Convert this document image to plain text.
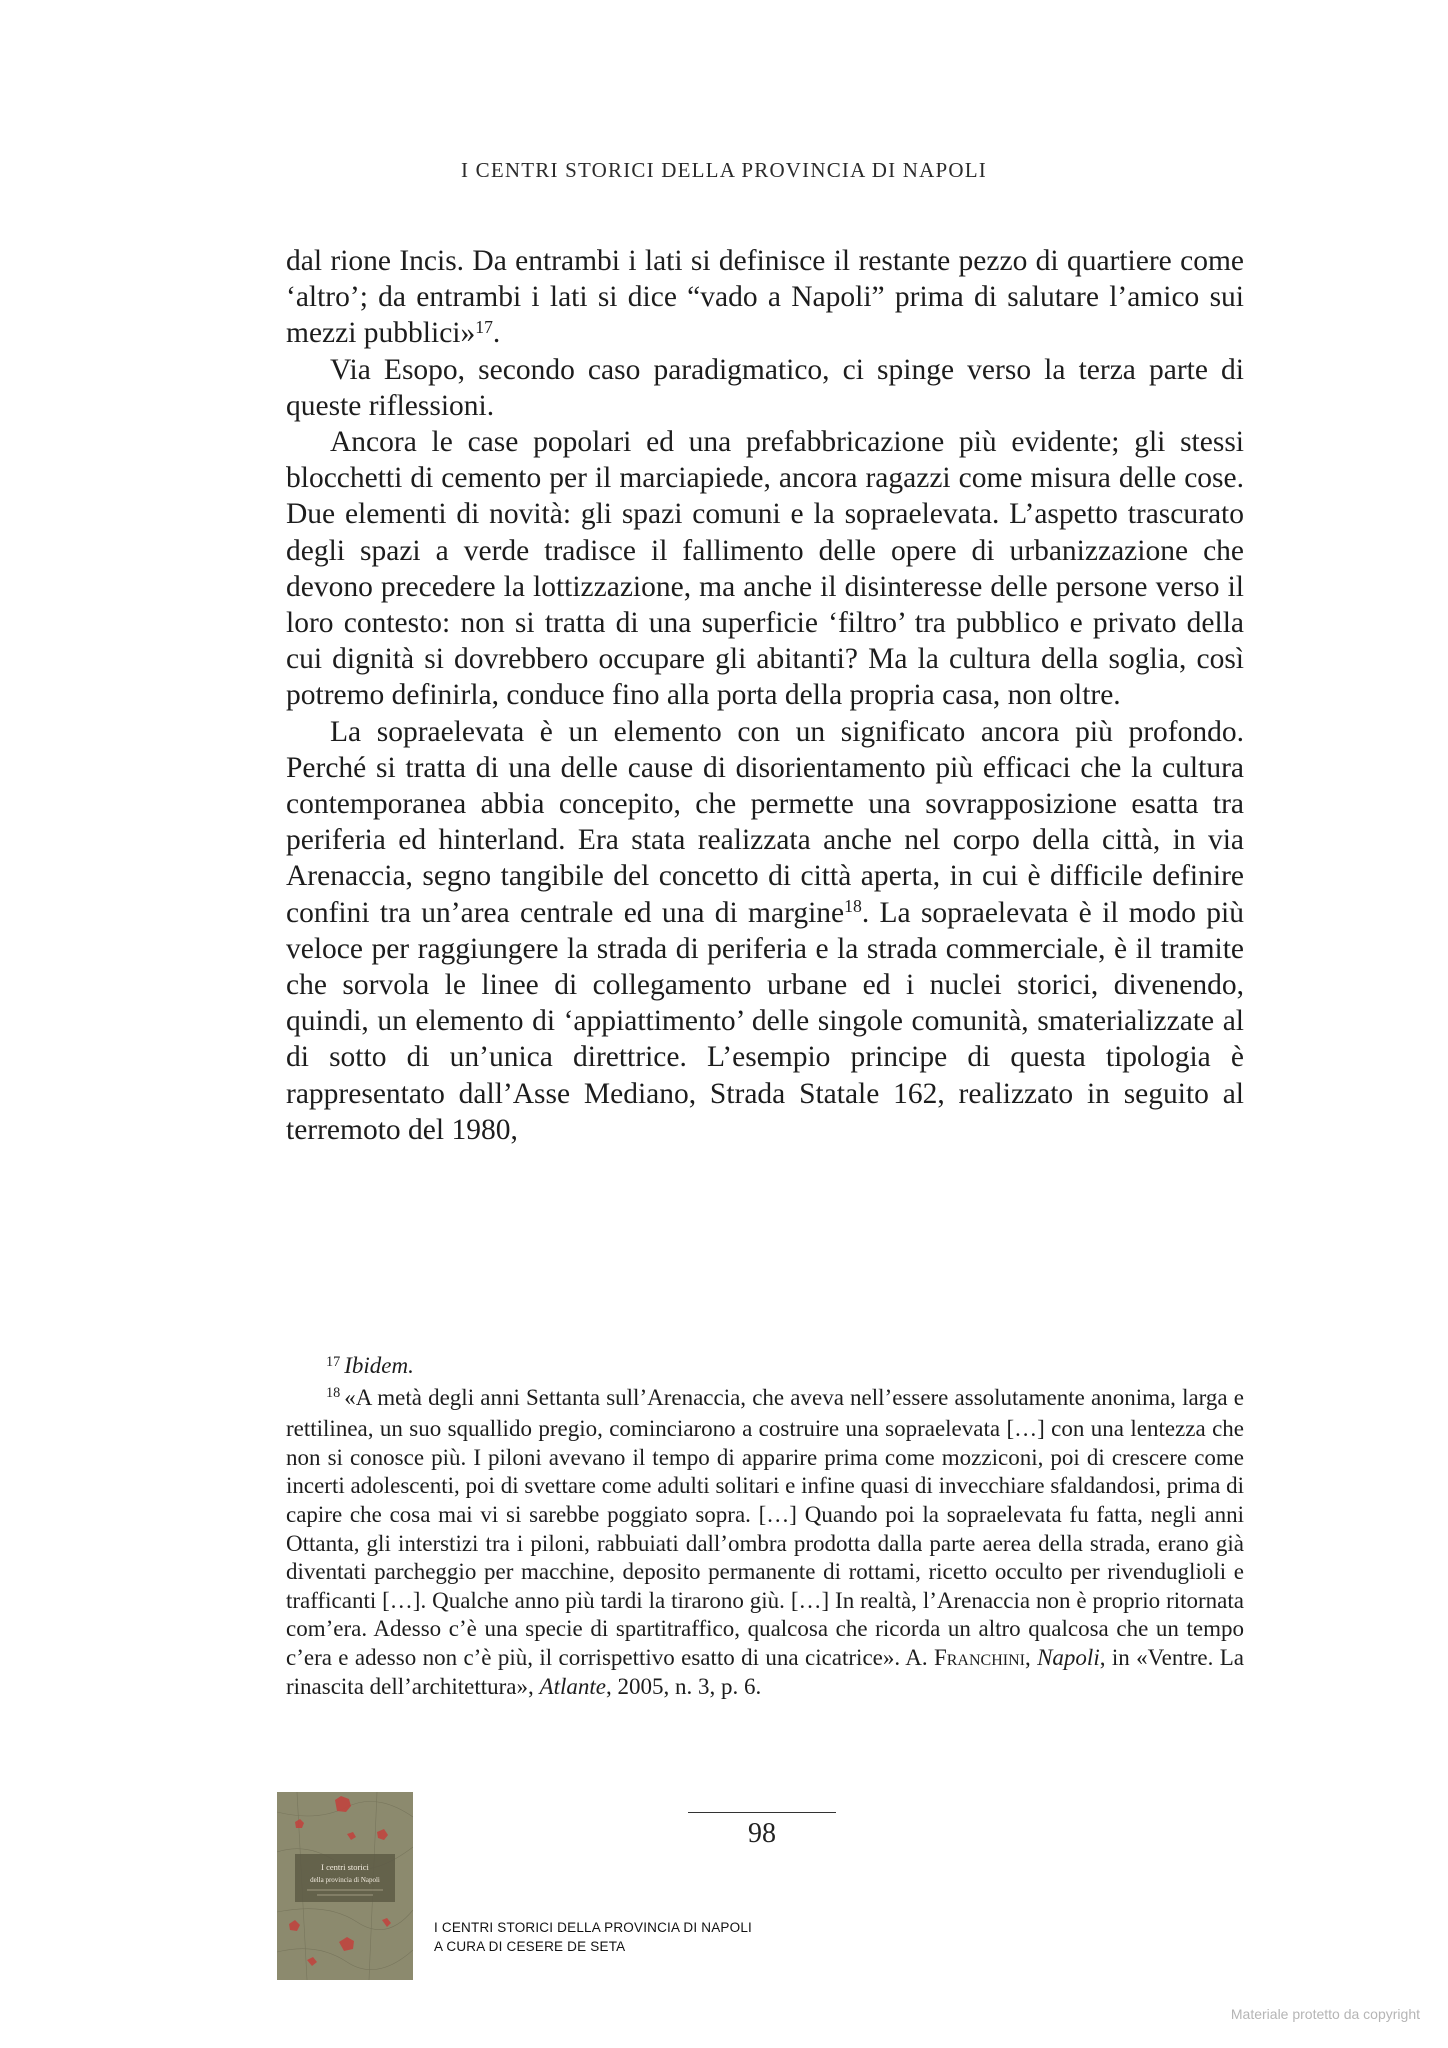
I CENTRI STORICI DELLA PROVINCIA DI NAPOLI

dal rione Incis. Da entrambi i lati si definisce il restante pezzo di quartiere come ‘altro’; da entrambi i lati si dice “vado a Napoli” prima di salutare l’amico sui mezzi pubblici»$^{17}$.

Via Esopo, secondo caso paradigmatico, ci spinge verso la terza parte di queste riflessioni.

Ancora le case popolari ed una prefabbricazione più evidente; gli stessi blocchetti di cemento per il marciapiede, ancora ragazzi come misura delle cose. Due elementi di novità: gli spazi comuni e la sopraelevata. L’aspetto trascurato degli spazi a verde tradisce il fallimento delle opere di urbanizzazione che devono precedere la lottizzazione, ma anche il disinteresse delle persone verso il loro contesto: non si tratta di una superficie ‘filtro’ tra pubblico e privato della cui dignità si dovrebbero occupare gli abitanti? Ma la cultura della soglia, così potremo definirla, conduce fino alla porta della propria casa, non oltre.

La sopraelevata è un elemento con un significato ancora più profondo. Perché si tratta di una delle cause di disorientamento più efficaci che la cultura contemporanea abbia concepito, che permette una sovrapposizione esatta tra periferia ed hinterland. Era stata realizzata anche nel corpo della città, in via Arenaccia, segno tangibile del concetto di città aperta, in cui è difficile definire confini tra un’area centrale ed una di margine$^{18}$. La sopraelevata è il modo più veloce per raggiungere la strada di periferia e la strada commerciale, è il tramite che sorvola le linee di collegamento urbane ed i nuclei storici, divenendo, quindi, un elemento di ‘appiattimento’ delle singole comunità, smaterializzate al di sotto di un’unica direttrice. L’esempio principe di questa tipologia è rappresentato dall’Asse Mediano, Strada Statale 162, realizzato in seguito al terremoto del 1980,

$^{17}$ Ibidem.

$^{18}$ «A metà degli anni Settanta sull’Arenaccia, che aveva nell’essere assolutamente anonima, larga e rettilinea, un suo squallido pregio, cominciarono a costruire una sopraelevata […] con una lentezza che non si conosce più. I piloni avevano il tempo di apparire prima come mozziconi, poi di crescere come incerti adolescenti, poi di svettare come adulti solitari e infine quasi di invecchiare sfaldandosi, prima di capire che cosa mai vi si sarebbe poggiato sopra. […] Quando poi la sopraelevata fu fatta, negli anni Ottanta, gli interstizi tra i piloni, rabbuiati dall’ombra prodotta dalla parte aerea della strada, erano già diventati parcheggio per macchine, deposito permanente di rottami, ricetto occulto per rivenduglioli e trafficanti […]. Qualche anno più tardi la tirarono giù. […] In realtà, l’Arenaccia non è proprio ritornata com’era. Adesso c’è una specie di spartitraffico, qualcosa che ricorda un altro qualcosa che un tempo c’era e adesso non c’è più, il corrispettivo esatto di una cicatrice». A. Franchini, Napoli, in «Ventre. La rinascita dell’architettura», Atlante, 2005, n. 3, p. 6.

98
I centri storici
della provincia di Napoli
I CENTRI STORICI DELLA PROVINCIA DI NAPOLI
A CURA DI CESERE DE SETA
Materiale protetto da copyright
